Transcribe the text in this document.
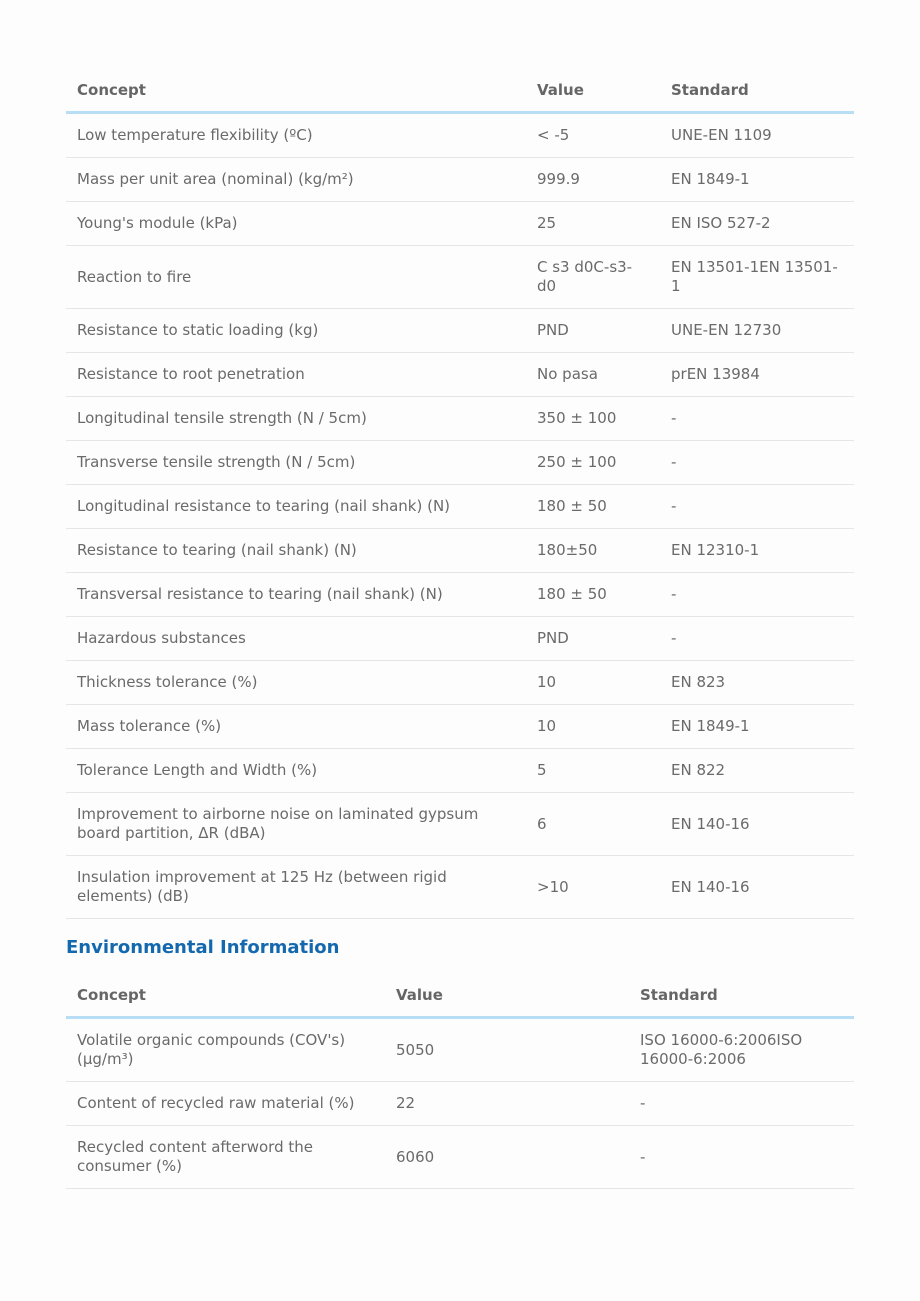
Concept	Value	Standard
Low temperature flexibility (ºC)	< -5	UNE-EN 1109
Mass per unit area (nominal) (kg/m²)	999.9	EN 1849-1
Young's module (kPa)	25	EN ISO 527-2
Reaction to fire	C s3 d0C-s3-d0	EN 13501-1EN 13501-1
Resistance to static loading (kg)	PND	UNE-EN 12730
Resistance to root penetration	No pasa	prEN 13984
Longitudinal tensile strength (N / 5cm)	350 ± 100	-
Transverse tensile strength (N / 5cm)	250 ± 100	-
Longitudinal resistance to tearing (nail shank) (N)	180 ± 50	-
Resistance to tearing (nail shank) (N)	180±50	EN 12310-1
Transversal resistance to tearing (nail shank) (N)	180 ± 50	-
Hazardous substances	PND	-
Thickness tolerance (%)	10	EN 823
Mass tolerance (%)	10	EN 1849-1
Tolerance Length and Width (%)	5	EN 822
Improvement to airborne noise on laminated gypsum board partition, ΔR (dBA)	6	EN 140-16
Insulation improvement at 125 Hz (between rigid elements) (dB)	>10	EN 140-16
Environmental Information
Concept	Value	Standard
Volatile organic compounds (COV's) (µg/m³)	5050	ISO 16000-6:2006ISO 16000-6:2006
Content of recycled raw material (%)	22	-
Recycled content afterword the consumer (%)	6060	-
